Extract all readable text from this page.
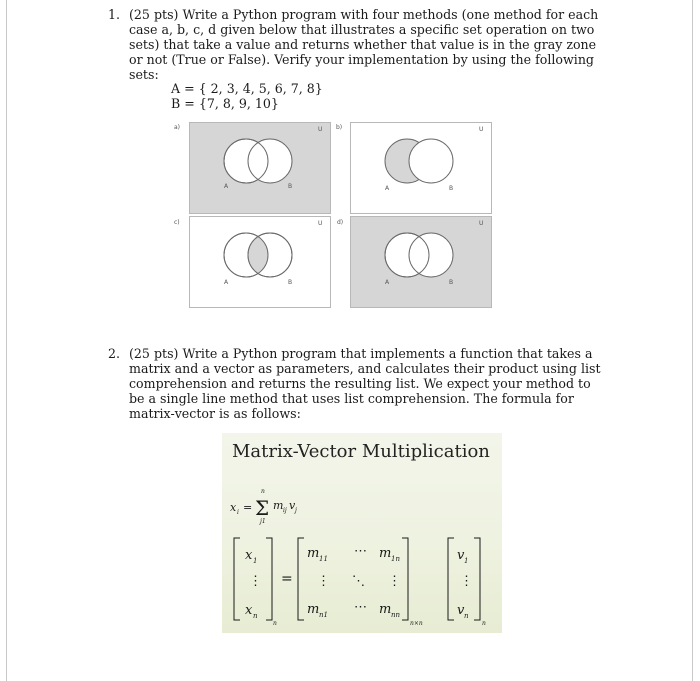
1. (25 pts) Write a Python program with four methods (one method for each
case a, b, c, d given below that illustrates a specific set operation on two
sets) that take a value and returns whether that value is in the gray zone
or not (True or False). Verify your implementation by using the following
sets:
A = { 2, 3, 4, 5, 6, 7, 8}
B = {7, 8, 9, 10}
a)	b)
c)	d)
U
A	B
U
A	B
U
A	B
U
A	B
2. (25 pts) Write a Python program that implements a function that takes a
matrix and a vector as parameters, and calculates their product using list
comprehension and returns the resulting list. We expect your method to
be a single line method that uses list comprehension. The formula for
matrix-vector is as follows:
Matrix-Vector Multiplication
x i = Σ
n
j1
m ij v j
x 1
⋮
x n
n
=
m 11 ⋯ m 1n
⋮ ⋱ ⋮
m n1 ⋯ m nn
n×n
v 1
⋮
v n
n
